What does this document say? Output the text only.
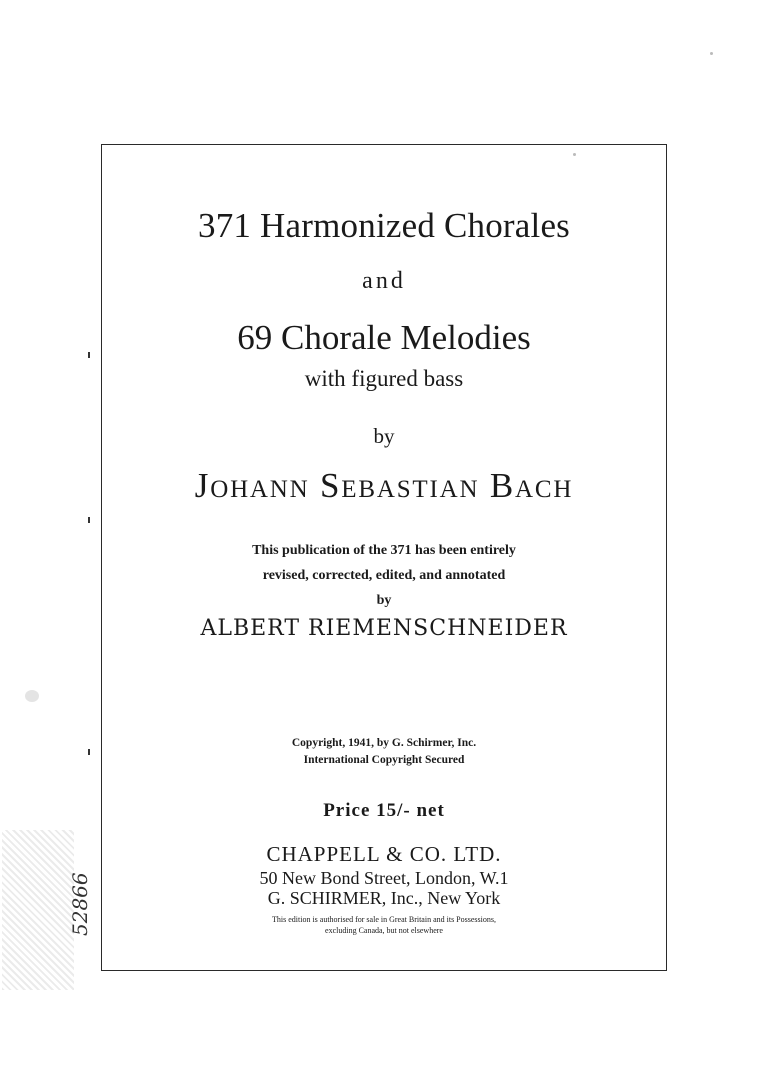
371 Harmonized Chorales
and
69 Chorale Melodies
with figured bass
by
Johann Sebastian Bach
This publication of the 371 has been entirely
revised, corrected, edited, and annotated
by
ALBERT RIEMENSCHNEIDER
Copyright, 1941, by G. Schirmer, Inc.
International Copyright Secured
Price 15/- net
CHAPPELL & CO. LTD.
50 New Bond Street, London, W.1
G. SCHIRMER, Inc., New York
This edition is authorised for sale in Great Britain and its Possessions,
excluding Canada, but not elsewhere
52866
